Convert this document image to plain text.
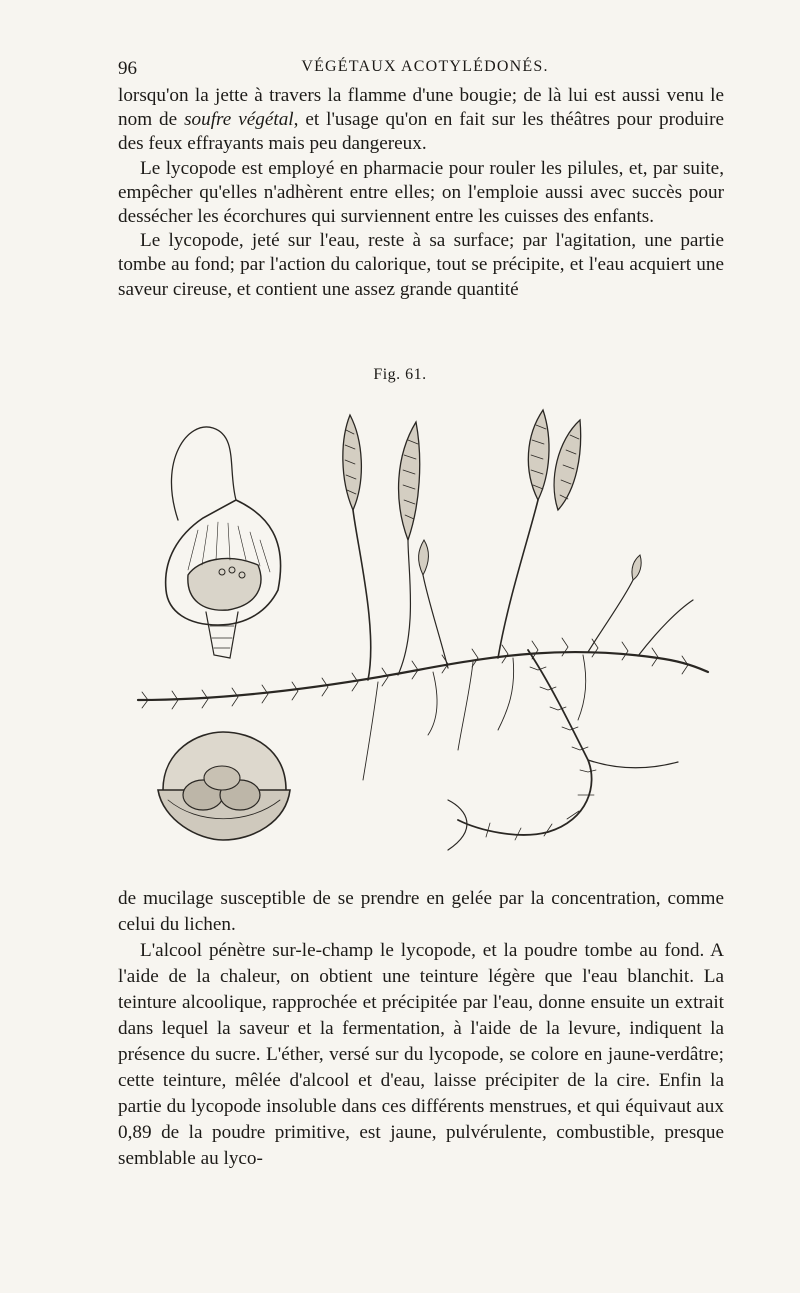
96	VÉGÉTAUX ACOTYLÉDONÉS.

lorsqu'on la jette à travers la flamme d'une bougie; de là lui est aussi venu le nom de soufre végétal, et l'usage qu'on en fait sur les théâtres pour produire des feux effrayants mais peu dangereux.

Le lycopode est employé en pharmacie pour rouler les pilules, et, par suite, empêcher qu'elles n'adhèrent entre elles; on l'emploie aussi avec succès pour dessécher les écorchures qui surviennent entre les cuisses des enfants.

Le lycopode, jeté sur l'eau, reste à sa surface; par l'agitation, une partie tombe au fond; par l'action du calorique, tout se précipite, et l'eau acquiert une saveur cireuse, et contient une assez grande quantité

Fig. 61.

de mucilage susceptible de se prendre en gelée par la concentration, comme celui du lichen.

L'alcool pénètre sur-le-champ le lycopode, et la poudre tombe au fond. A l'aide de la chaleur, on obtient une teinture légère que l'eau blanchit. La teinture alcoolique, rapprochée et précipitée par l'eau, donne ensuite un extrait dans lequel la saveur et la fermentation, à l'aide de la levure, indiquent la présence du sucre. L'éther, versé sur du lycopode, se colore en jaune-verdâtre; cette teinture, mêlée d'alcool et d'eau, laisse précipiter de la cire. Enfin la partie du lycopode insoluble dans ces différents menstrues, et qui équivaut aux 0,89 de la poudre primitive, est jaune, pulvérulente, combustible, presque semblable au lyco-
